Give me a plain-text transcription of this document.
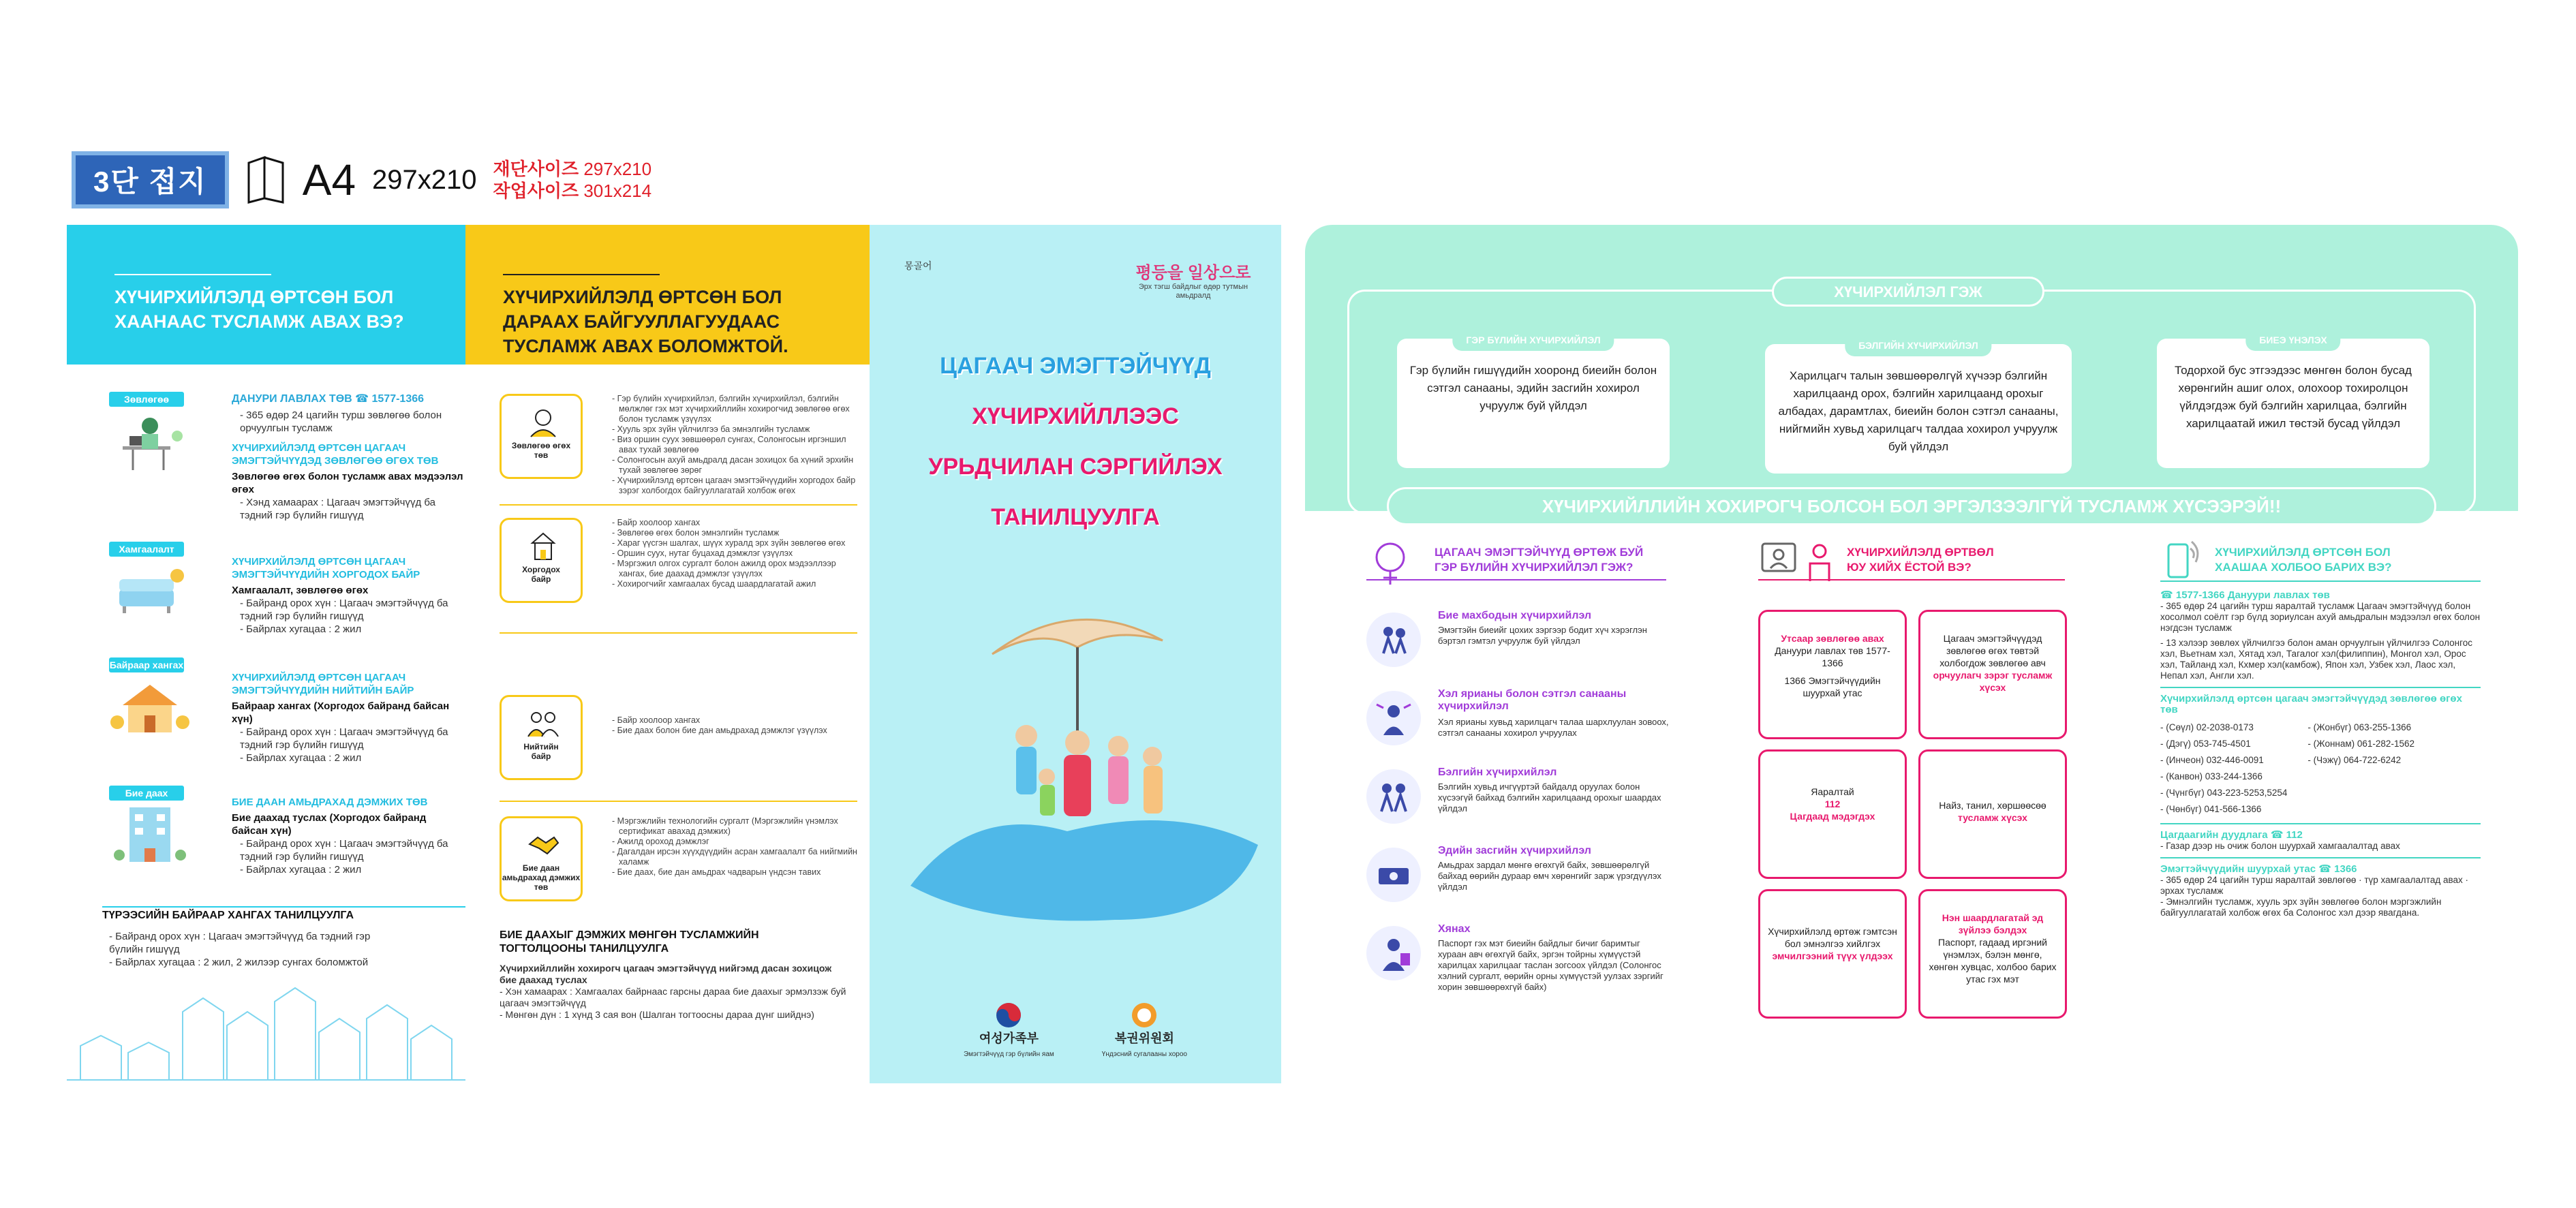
3단 접지	A4 297x210 재단사이즈 297x210
작업사이즈 301x214
ХҮЧИРХИЙЛЭЛД ӨРТСӨН БОЛ
ХААНААС ТУСЛАМЖ АВАХ ВЭ?
Зөвлөгөө	ДАНУРИ ЛАВЛАХ ТӨВ ☎ 1577-1366
- 365 өдөр 24 цагийн турш зөвлөгөө болон орчуулгын тусламж
ХҮЧИРХИЙЛЭЛД ӨРТСӨН ЦАГААЧ ЭМЭГТЭЙЧҮҮДЭД ЗӨВЛӨГӨӨ ӨГӨХ ТӨВ
Зөвлөгөө өгөх болон тусламж авах мэдээлэл өгөх
- Хэнд хамаарах : Цагаач эмэгтэйчүүд ба тэдний гэр бүлийн гишүүд
Хамгаалалт
ХҮЧИРХИЙЛЭЛД ӨРТСӨН ЦАГААЧ ЭМЭГТЭЙЧҮҮДИЙН ХОРГОДОХ БАЙР
Хамгаалалт, зөвлөгөө өгөх
- Байранд орох хүн : Цагаач эмэгтэйчүүд ба тэдний гэр бүлийн гишүүд
- Байрлах хугацаа : 2 жил
Байраар хангах
ХҮЧИРХИЙЛЭЛД ӨРТСӨН ЦАГААЧ ЭМЭГТЭЙЧҮҮДИЙН НИЙТИЙН БАЙР
Байраар хангах (Хоргодох байранд байсан хүн)
- Байранд орох хүн : Цагаач эмэгтэйчүүд ба тэдний гэр бүлийн гишүүд
- Байрлах хугацаа : 2 жил
Бие даах
БИЕ ДААН АМЬДРАХАД ДЭМЖИХ ТӨВ
Бие даахад туслах (Хоргодох байранд байсан хүн)
- Байранд орох хүн : Цагаач эмэгтэйчүүд ба тэдний гэр бүлийн гишүүд
- Байрлах хугацаа : 2 жил
ТҮРЭЭСИЙН БАЙРААР ХАНГАХ ТАНИЛЦУУЛГА
- Байранд орох хүн : Цагаач эмэгтэйчүүд ба тэдний гэр бүлийн гишүүд
- Байрлах хугацаа : 2 жил, 2 жилээр сунгах боломжтой
ХҮЧИРХИЙЛЭЛД ӨРТСӨН БОЛ
ДАРААХ БАЙГУУЛЛАГУУДААС ТУСЛАМЖ АВАХ БОЛОМЖТОЙ.
Зөвлөгөө өгөх
төв
- Гэр бүлийн хүчирхийлэл, бэлгийн хүчирхийлэл, бэлгийн мөлжлөг гэх мэт хүчирхийллийн хохирогчид зөвлөгөө өгөх болон тусламж үзүүлэх
- Хууль эрх зүйн үйлчилгээ ба эмнэлгийн тусламж
- Виз оршин суух зөвшөөрөл сунгах, Солонгосын иргэншил авах тухай зөвлөгөө
- Солонгосын ахуй амьдралд дасан зохицох ба хүний эрхийн тухай зөвлөгөө зөрөг
- Хүчирхийлэлд өртсөн цагаач эмэгтэйчүүдийн хоргодох байр зэрэг холбогдох байгууллагатай холбож өгөх
Хоргодох
байр
- Байр хоолоор хангах
- Зөвлөгөө өгөх болон эмнэлгийн тусламж
- Хараг үүсгэн шалгах, шүүх хуралд эрх зүйн зөвлөгөө өгөх
- Оршин суух, нутаг буцахад дэмжлэг үзүүлэх
- Мэргэжил олгох сургалт болон ажилд орох мэдээллээр хангах, бие даахад дэмжлэг үзүүлэх
- Хохирогчийг хамгаалах бусад шаардлагатай ажил
Нийтийн
байр
- Байр хоолоор хангах
- Бие даах болон бие дан амьдрахад дэмжлэг үзүүлэх
Бие даан
амьдрахад дэмжих төв
- Мэргэжлийн технологийн сургалт (Мэргэжлийн үнэмлэх сертификат авахад дэмжих)
- Ажилд ороход дэмжлэг
- Дагалдан ирсэн хүүхдүүдийн асран хамгаалалт ба нийгмийн халамж
- Бие даах, бие дан амьдрах чадварын үндсэн тавих
БИЕ ДААХЫГ ДЭМЖИХ МӨНГӨН ТУСЛАМЖИЙН ТОГТОЛЦООНЫ ТАНИЛЦУУЛГА
Хүчирхийллийн хохирогч цагаач эмэгтэйчүүд нийгэмд дасан зохицож бие даахад туслах
- Хэн хамаарах : Хамгаалах байрнаас гарсны дараа бие даахыг эрмэлзэж буй цагаач эмэгтэйчүүд
- Мөнгөн дүн : 1 хүнд 3 сая вон (Шалган тогтоосны дараа дүнг шийднэ)
몽골어	평등을 일상으로
Эрх тэгш байдлыг өдөр тутмын амьдралд
ЦАГААЧ ЭМЭГТЭЙЧҮҮД
ХҮЧИРХИЙЛЛЭЭС
УРЬДЧИЛАН СЭРГИЙЛЭХ
ТАНИЛЦУУЛГА
여성가족부
Эмэгтэйчүүд гэр бүлийн яам
복권위원회
Үндэсний сугалааны хороо
ХҮЧИРХИЙЛЭЛ ГЭЖ
ГЭР БҮЛИЙН ХҮЧИРХИЙЛЭЛ
Гэр бүлийн гишүүдийн хооронд биеийн болон сэтгэл санааны, эдийн засгийн хохирол учруулж буй үйлдэл
БЭЛГИЙН ХҮЧИРХИЙЛЭЛ
Харилцагч талын зөвшөөрөлгүй хүчээр бэлгийн харилцаанд орох, бэлгийн харилцаанд орохыг албадах, дарамтлах, биеийн болон сэтгэл санааны, нийгмийн хувьд харилцагч талдаа хохирол учруулж буй үйлдэл
БИЕЭ ҮНЭЛЭХ
Тодорхой бус этгээдээс мөнгөн болон бусад хөрөнгийн ашиг олох, олохоор тохиролцон үйлдэгдэж буй бэлгийн харилцаа, бэлгийн харилцаатай ижил төстэй бусад үйлдэл
ХҮЧИРХИЙЛЛИЙН ХОХИРОГЧ БОЛСОН БОЛ ЭРГЭЛЗЭЭЛГҮЙ ТУСЛАМЖ ХҮСЭЭРЭЙ!!
ЦАГААЧ ЭМЭГТЭЙЧҮҮД ӨРТӨЖ БУЙ
ГЭР БҮЛИЙН ХҮЧИРХИЙЛЭЛ ГЭЖ?
Бие махбодын хүчирхийлэл
Эмэгтэйн биеийг цохих зэргээр бодит хүч хэрэглэн бэртэл гэмтэл учруулж буй үйлдэл
Хэл ярианы болон сэтгэл санааны хүчирхийлэл
Хэл ярианы хувьд харилцагч талаа шархлуулан зовоох, сэтгэл санааны хохирол учруулах
Бэлгийн хүчирхийлэл
Бэлгийн хувьд ичгүүртэй байдалд оруулах болон хүсээгүй байхад бэлгийн харилцаанд орохыг шаардах үйлдэл
Эдийн засгийн хүчирхийлэл
Амьдрах зардал мөнгө өгөхгүй байх, зөвшөөрөлгүй байхад өөрийн дураар өмч хөрөнгийг зарж үрэгдүүлэх үйлдэл
Хянах
Паспорт гэх мэт биеийн байдлыг бичиг баримтыг хураан авч өгөхгүй байх, эргэн тойрны хүмүүстэй харилцах харилцааг таслан зогсоох үйлдэл (Солонгос хэлний сургалт, өөрийн орны хүмүүстэй уулзах зэргийг хорин зөвшөөрөхгүй байх)
ХҮЧИРХИЙЛЭЛД ӨРТВӨЛ
ЮУ ХИЙХ ЁСТОЙ ВЭ?
Утсаар зөвлөгөө авах
Дануури лавлах төв 1577-1366
1366 Эмэгтэйчүүдийн шуурхай утас
Цагаач эмэгтэйчүүдэд зөвлөгөө өгөх төвтэй холбогдож зөвлөгөө авч
орчуулагч зэрэг тусламж хүсэх
Яаралтай
112
Цагдаад мэдэгдэх
Найз, танил, хөршөөсөө
тусламж хүсэх
Хүчирхийлэлд өртөж гэмтсэн бол эмнэлгээ хийлгэх
эмчилгээний түүх үлдээх
Нэн шаардлагатай эд зүйлээ бэлдэх
Паспорт, гадаад иргэний үнэмлэх, бэлэн мөнгө, хөнгөн хувцас, холбоо барих утас гэх мэт
ХҮЧИРХИЙЛЭЛД ӨРТСӨН БОЛ
ХААШАА ХОЛБОО БАРИХ ВЭ?
☎ 1577-1366 Дануури лавлах төв
- 365 өдөр 24 цагийн турш яаралтай тусламж Цагаач эмэгтэйчүүд болон хосолмол соёлт гэр бүлд зориулсан ахуй амьдралын мэдээлэл өгөх болон нэгдсэн тусламж
- 13 хэлээр зөвлөх үйлчилгээ болон аман орчуулгын үйлчилгээ Солонгос хэл, Вьетнам хэл, Хятад хэл, Тагалог хэл(филиппин), Монгол хэл, Орос хэл, Тайланд хэл, Кхмер хэл(камбож), Япон хэл, Узбек хэл, Лаос хэл, Непал хэл, Англи хэл.
Хүчирхийлэлд өртсөн цагаач эмэгтэйчүүдэд зөвлөгөө өгөх төв
- (Сөүл) 02-2038-0173
- (Дэгү) 053-745-4501
- (Инчеон) 032-446-0091
- (Канвон) 033-244-1366
- (Чүнгбүг) 043-223-5253,5254
- (Чөнбүг) 041-566-1366
- (Жонбүг) 063-255-1366
- (Жоннам) 061-282-1562
- (Чэжү) 064-722-6242
Цагдаагийн дуудлага ☎ 112
- Газар дээр нь очиж болон шуурхай хамгаалалтад авах
Эмэгтэйчүүдийн шуурхай утас ☎ 1366
- 365 өдөр 24 цагийн турш яаралтай зөвлөгөө · түр хамгаалалтад авах · эрхах тусламж
- Эмнэлгийн тусламж, хууль эрх зүйн зөвлөгөө болон мэргэжлийн байгууллагатай холбож өгөх ба Солонгос хэл дээр явагдана.
